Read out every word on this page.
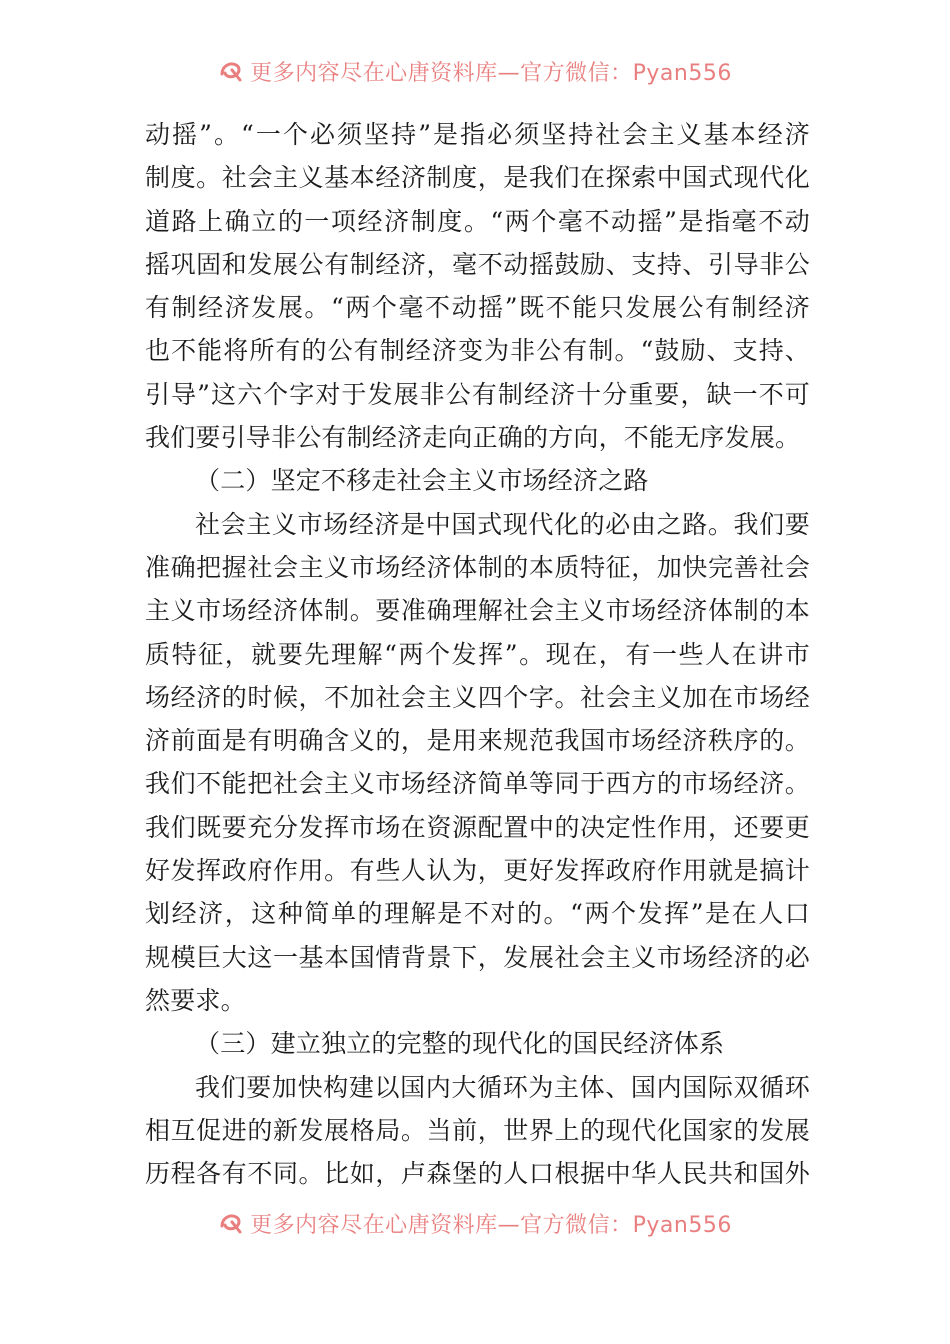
更多内容尽在心唐资料库—官方微信：Pyan556
动摇”。“一个必须坚持”是指必须坚持社会主义基本经济
制度。社会主义基本经济制度，是我们在探索中国式现代化
道路上确立的一项经济制度。“两个毫不动摇”是指毫不动
摇巩固和发展公有制经济，毫不动摇鼓励、支持、引导非公
有制经济发展。“两个毫不动摇”既不能只发展公有制经济
也不能将所有的公有制经济变为非公有制。“鼓励、支持、
引导”这六个字对于发展非公有制经济十分重要，缺一不可
我们要引导非公有制经济走向正确的方向，不能无序发展。
（二）坚定不移走社会主义市场经济之路
社会主义市场经济是中国式现代化的必由之路。我们要
准确把握社会主义市场经济体制的本质特征，加快完善社会
主义市场经济体制。要准确理解社会主义市场经济体制的本
质特征，就要先理解“两个发挥”。现在，有一些人在讲市
场经济的时候，不加社会主义四个字。社会主义加在市场经
济前面是有明确含义的，是用来规范我国市场经济秩序的。
我们不能把社会主义市场经济简单等同于西方的市场经济。
我们既要充分发挥市场在资源配置中的决定性作用，还要更
好发挥政府作用。有些人认为，更好发挥政府作用就是搞计
划经济，这种简单的理解是不对的。“两个发挥”是在人口
规模巨大这一基本国情背景下，发展社会主义市场经济的必
然要求。
（三）建立独立的完整的现代化的国民经济体系
我们要加快构建以国内大循环为主体、国内国际双循环
相互促进的新发展格局。当前，世界上的现代化国家的发展
历程各有不同。比如，卢森堡的人口根据中华人民共和国外
更多内容尽在心唐资料库—官方微信：Pyan556
